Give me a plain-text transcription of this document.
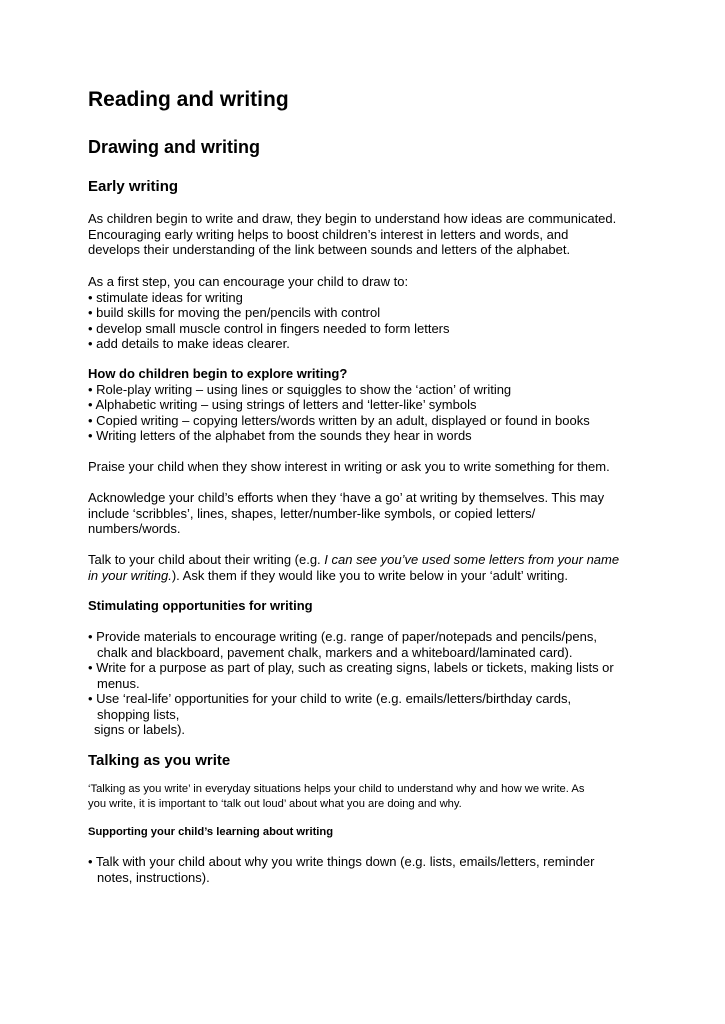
Reading and writing
Drawing and writing
Early writing
As children begin to write and draw, they begin to understand how ideas are communicated.
Encouraging early writing helps to boost children’s interest in letters and words, and
develops their understanding of the link between sounds and letters of the alphabet.
As a first step, you can encourage your child to draw to:
• stimulate ideas for writing
• build skills for moving the pen/pencils with control
• develop small muscle control in fingers needed to form letters
• add details to make ideas clearer.
How do children begin to explore writing?
• Role-play writing – using lines or squiggles to show the ‘action’ of writing
• Alphabetic writing – using strings of letters and ‘letter-like’ symbols
• Copied writing – copying letters/words written by an adult, displayed or found in books
• Writing letters of the alphabet from the sounds they hear in words
Praise your child when they show interest in writing or ask you to write something for them.
Acknowledge your child’s efforts when they ‘have a go’ at writing by themselves. This may
include ‘scribbles’, lines, shapes, letter/number-like symbols, or copied letters/
numbers/words.
Talk to your child about their writing (e.g. I can see you’ve used some letters from your name
in your writing.). Ask them if they would like you to write below in your ‘adult’ writing.
Stimulating opportunities for writing
• Provide materials to encourage writing (e.g. range of paper/notepads and pencils/pens,
chalk and blackboard, pavement chalk, markers and a whiteboard/laminated card).
• Write for a purpose as part of play, such as creating signs, labels or tickets, making lists or
menus.
• Use ‘real-life’ opportunities for your child to write (e.g. emails/letters/birthday cards,
shopping lists,
signs or labels).
Talking as you write
‘Talking as you write’ in everyday situations helps your child to understand why and how we write. As
you write, it is important to ‘talk out loud’ about what you are doing and why.
Supporting your child’s learning about writing
• Talk with your child about why you write things down (e.g. lists, emails/letters, reminder
notes, instructions).
